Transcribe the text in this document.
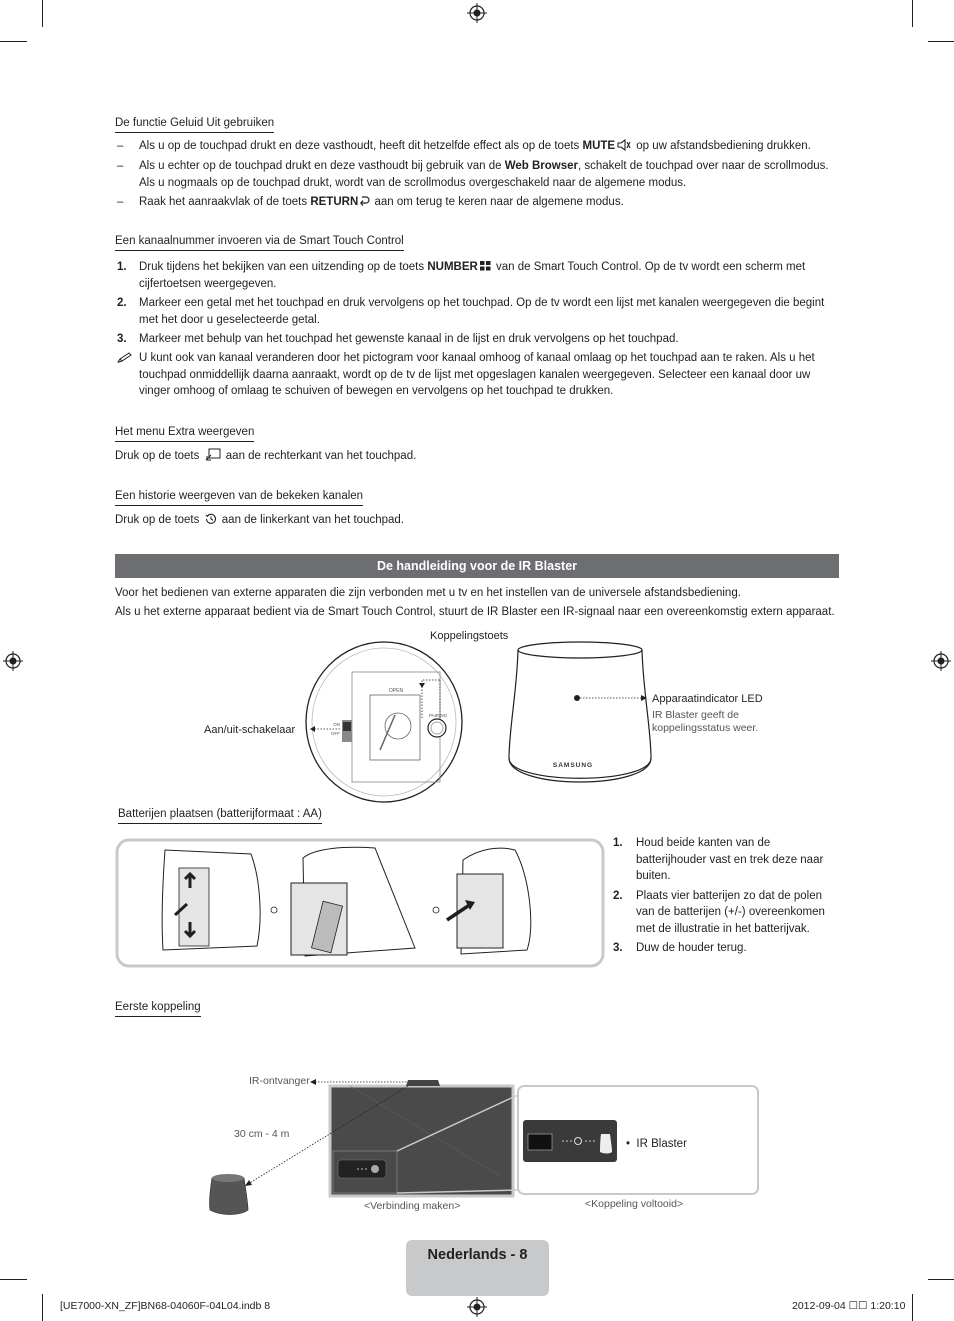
De functie Geluid Uit gebruiken
–	Als u op de touchpad drukt en deze vasthoudt, heeft dit hetzelfde effect als op de toets MUTE op uw afstandsbediening drukken.
–	Als u echter op de touchpad drukt en deze vasthoudt bij gebruik van de Web Browser, schakelt de touchpad over naar de scrollmodus. Als u nogmaals op de touchpad drukt, wordt van de scrollmodus overgeschakeld naar de algemene modus.
–	Raak het aanraakvlak of de toets RETURN aan om terug te keren naar de algemene modus.
Een kanaalnummer invoeren via de Smart Touch Control
1.	Druk tijdens het bekijken van een uitzending op de toets NUMBER van de Smart Touch Control. Op de tv wordt een scherm met cijfertoetsen weergegeven.
2.	Markeer een getal met het touchpad en druk vervolgens op het touchpad. Op de tv wordt een lijst met kanalen weergegeven die begint met het door u geselecteerde getal.
3.	Markeer met behulp van het touchpad het gewenste kanaal in de lijst en druk vervolgens op het touchpad.
U kunt ook van kanaal veranderen door het pictogram voor kanaal omhoog of kanaal omlaag op het touchpad aan te raken. Als u het touchpad onmiddellijk daarna aanraakt, wordt op de tv de lijst met opgeslagen kanalen weergegeven. Selecteer een kanaal door uw vinger omhoog of omlaag te schuiven of bewegen en vervolgens op het touchpad te drukken.
Het menu Extra weergeven
Druk op de toets  aan de rechterkant van het touchpad.
Een historie weergeven van de bekeken kanalen
Druk op de toets  aan de linkerkant van het touchpad.
De handleiding voor de IR Blaster
Voor het bedienen van externe apparaten die zijn verbonden met u tv en het instellen van de universele afstandsbediening.
Als u het externe apparaat bedient via de Smart Touch Control, stuurt de IR Blaster een IR-signaal naar een overeenkomstig extern apparaat.
Koppelingstoets
Aan/uit-schakelaar
Apparaatindicator LED
IR Blaster geeft de koppelingsstatus weer.
OPEN
PAIRING
ON
OFF
SAMSUNG
Batterijen plaatsen (batterijformaat : AA)
1. Houd beide kanten van de batterijhouder vast en trek deze naar buiten.
2. Plaats vier batterijen zo dat de polen van de batterijen (+/-) overeenkomen met de illustratie in het batterijvak.
3. Duw de houder terug.
Eerste koppeling
IR-ontvanger
30 cm - 4 m
•  IR Blaster
<Verbinding maken>	<Koppeling voltooid>
Nederlands - 8
[UE7000-XN_ZF]BN68-04060F-04L04.indb 8	2012-09-04 ☐☐ 1:20:10
